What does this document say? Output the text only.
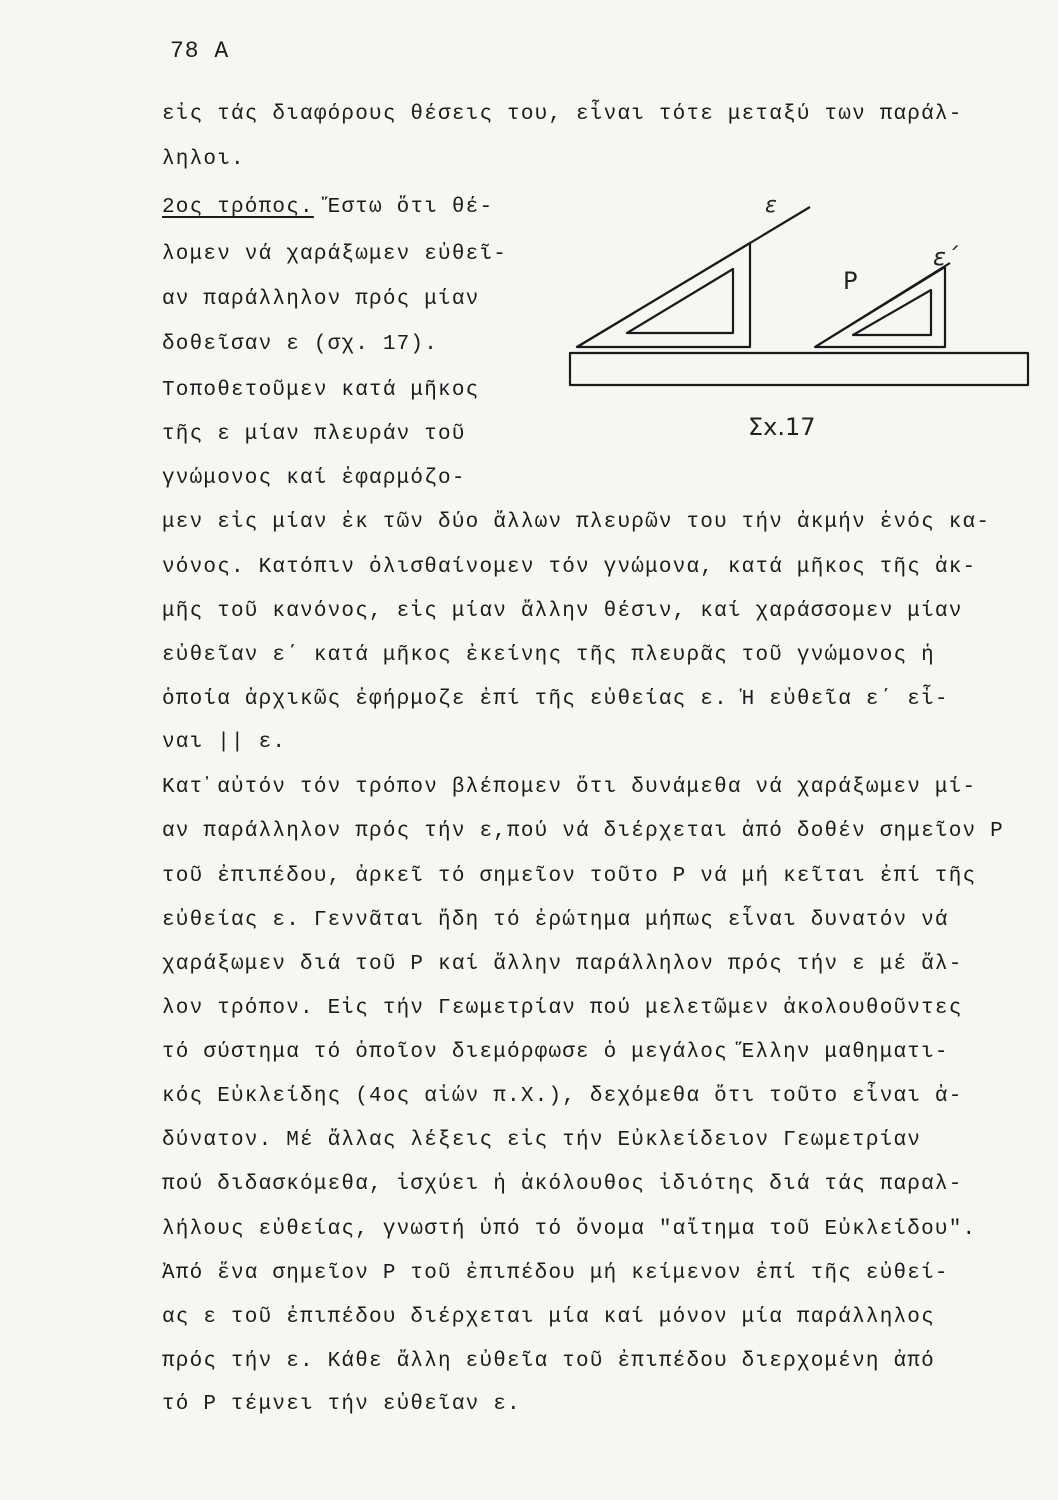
78 A
εἰς τάς διαφόρους θέσεις του, εἶναι τότε μεταξύ των παράλ-
ληλοι.
2ος τρόπος. Ἔστω ὅτι θέ-
λομεν νά χαράξωμεν εὐθεῖ-
αν παράλληλον πρός μίαν
δοθεῖσαν ε (σχ. 17).
Τοποθετοῦμεν κατά μῆκος
τῆς ε μίαν πλευράν τοῦ
γνώμονος καί ἐφαρμόζο-
μεν εἰς μίαν ἐκ τῶν δύο ἄλλων πλευρῶν του τήν ἀκμήν ἑνός κα-
νόνος. Κατόπιν ὀλισθαίνομεν τόν γνώμονα, κατά μῆκος τῆς ἀκ-
μῆς τοῦ κανόνος, εἰς μίαν ἄλλην θέσιν, καί χαράσσομεν μίαν
εὐθεῖαν ε΄ κατά μῆκος ἐκείνης τῆς πλευρᾶς τοῦ γνώμονος ἡ
ὁποία ἀρχικῶς ἐφήρμοζε ἐπί τῆς εὐθείας ε. Ἡ εὐθεῖα ε΄ εἶ-
ναι || ε.
Κατ᾽αὐτόν τόν τρόπον βλέπομεν ὅτι δυνάμεθα νά χαράξωμεν μί-
αν παράλληλον πρός τήν ε,πού νά διέρχεται ἀπό δοθέν σημεῖον Ρ
τοῦ ἐπιπέδου, ἀρκεῖ τό σημεῖον τοῦτο Ρ νά μή κεῖται ἐπί τῆς
εὐθείας ε. Γεννᾶται ἤδη τό ἐρώτημα μήπως εἶναι δυνατόν νά
χαράξωμεν διά τοῦ Ρ καί ἄλλην παράλληλον πρός τήν ε μέ ἄλ-
λον τρόπον. Εἰς τήν Γεωμετρίαν πού μελετῶμεν ἀκολουθοῦντες
τό σύστημα τό ὁποῖον διεμόρφωσε ὁ μεγάλος Ἕλλην μαθηματι-
κός Εὐκλείδης (4ος αἰών π.Χ.), δεχόμεθα ὅτι τοῦτο εἶναι ἀ-
δύνατον. Μέ ἄλλας λέξεις εἰς τήν Εὐκλείδειον Γεωμετρίαν
πού διδασκόμεθα, ἰσχύει ἡ ἀκόλουθος ἰδιότης διά τάς παραλ-
λήλους εὐθείας, γνωστή ὑπό τό ὄνομα "αἴτημα τοῦ Εὐκλείδου".
Ἀπό ἕνα σημεῖον Ρ τοῦ ἐπιπέδου μή κείμενον ἐπί τῆς εὐθεί-
ας ε τοῦ ἐπιπέδου διέρχεται μία καί μόνον μία παράλληλος
πρός τήν ε. Κάθε ἄλλη εὐθεῖα τοῦ ἐπιπέδου διερχομένη ἀπό
τό Ρ τέμνει τήν εὐθεῖαν ε.
ε
ε΄
P
Σx.17
